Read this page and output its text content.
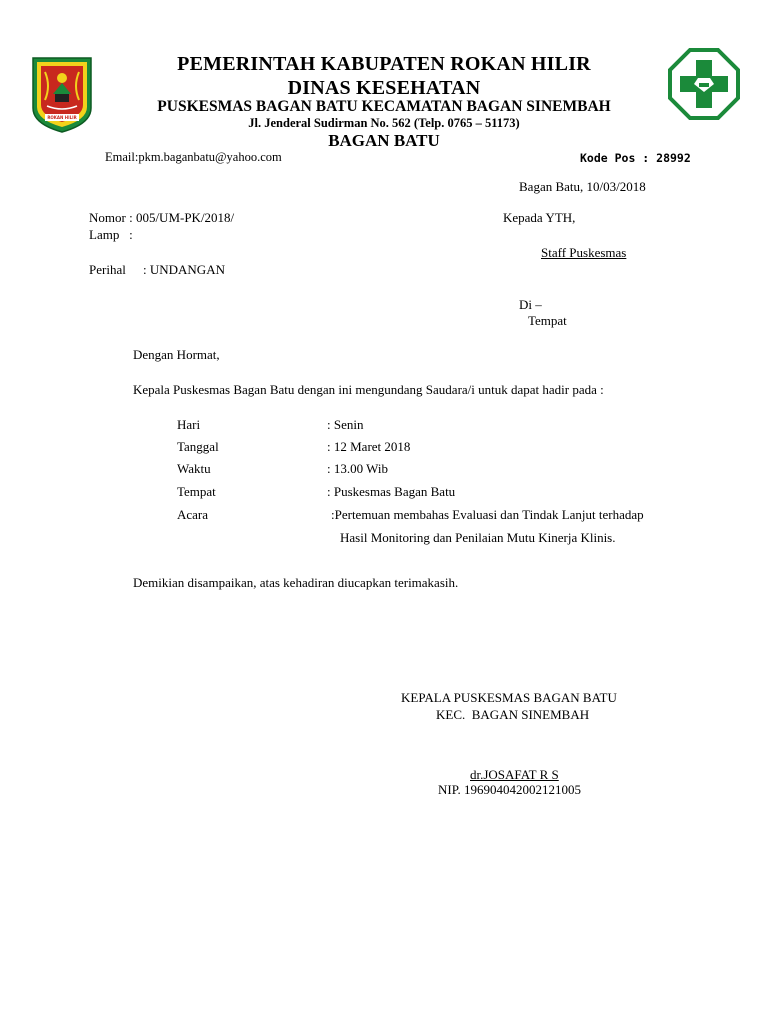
ROKAN HILIR
PEMERINTAH KABUPATEN ROKAN HILIR
DINAS KESEHATAN
PUSKESMAS BAGAN BATU KECAMATAN BAGAN SINEMBAH
Jl. Jenderal Sudirman No. 562 (Telp. 0765 – 51173)
BAGAN BATU
Email:pkm.baganbatu@yahoo.com	Kode Pos : 28992
Bagan Batu, 10/03/2018
Nomor : 005/UM-PK/2018/
Lamp   :
Perihal : UNDANGAN
Kepada YTH,
Staff Puskesmas
Di –
Tempat
Dengan Hormat,
Kepala Puskesmas Bagan Batu dengan ini mengundang Saudara/i untuk dapat hadir pada :
Hari	: Senin
Tanggal	: 12 Maret 2018
Waktu	: 13.00 Wib
Tempat	: Puskesmas Bagan Batu
Acara	:Pertemuan membahas Evaluasi dan Tindak Lanjut terhadap
Hasil Monitoring dan Penilaian Mutu Kinerja Klinis.
Demikian disampaikan, atas kehadiran diucapkan terimakasih.
KEPALA PUSKESMAS BAGAN BATU
KEC.  BAGAN SINEMBAH
dr.JOSAFAT R S
NIP. 196904042002121005
